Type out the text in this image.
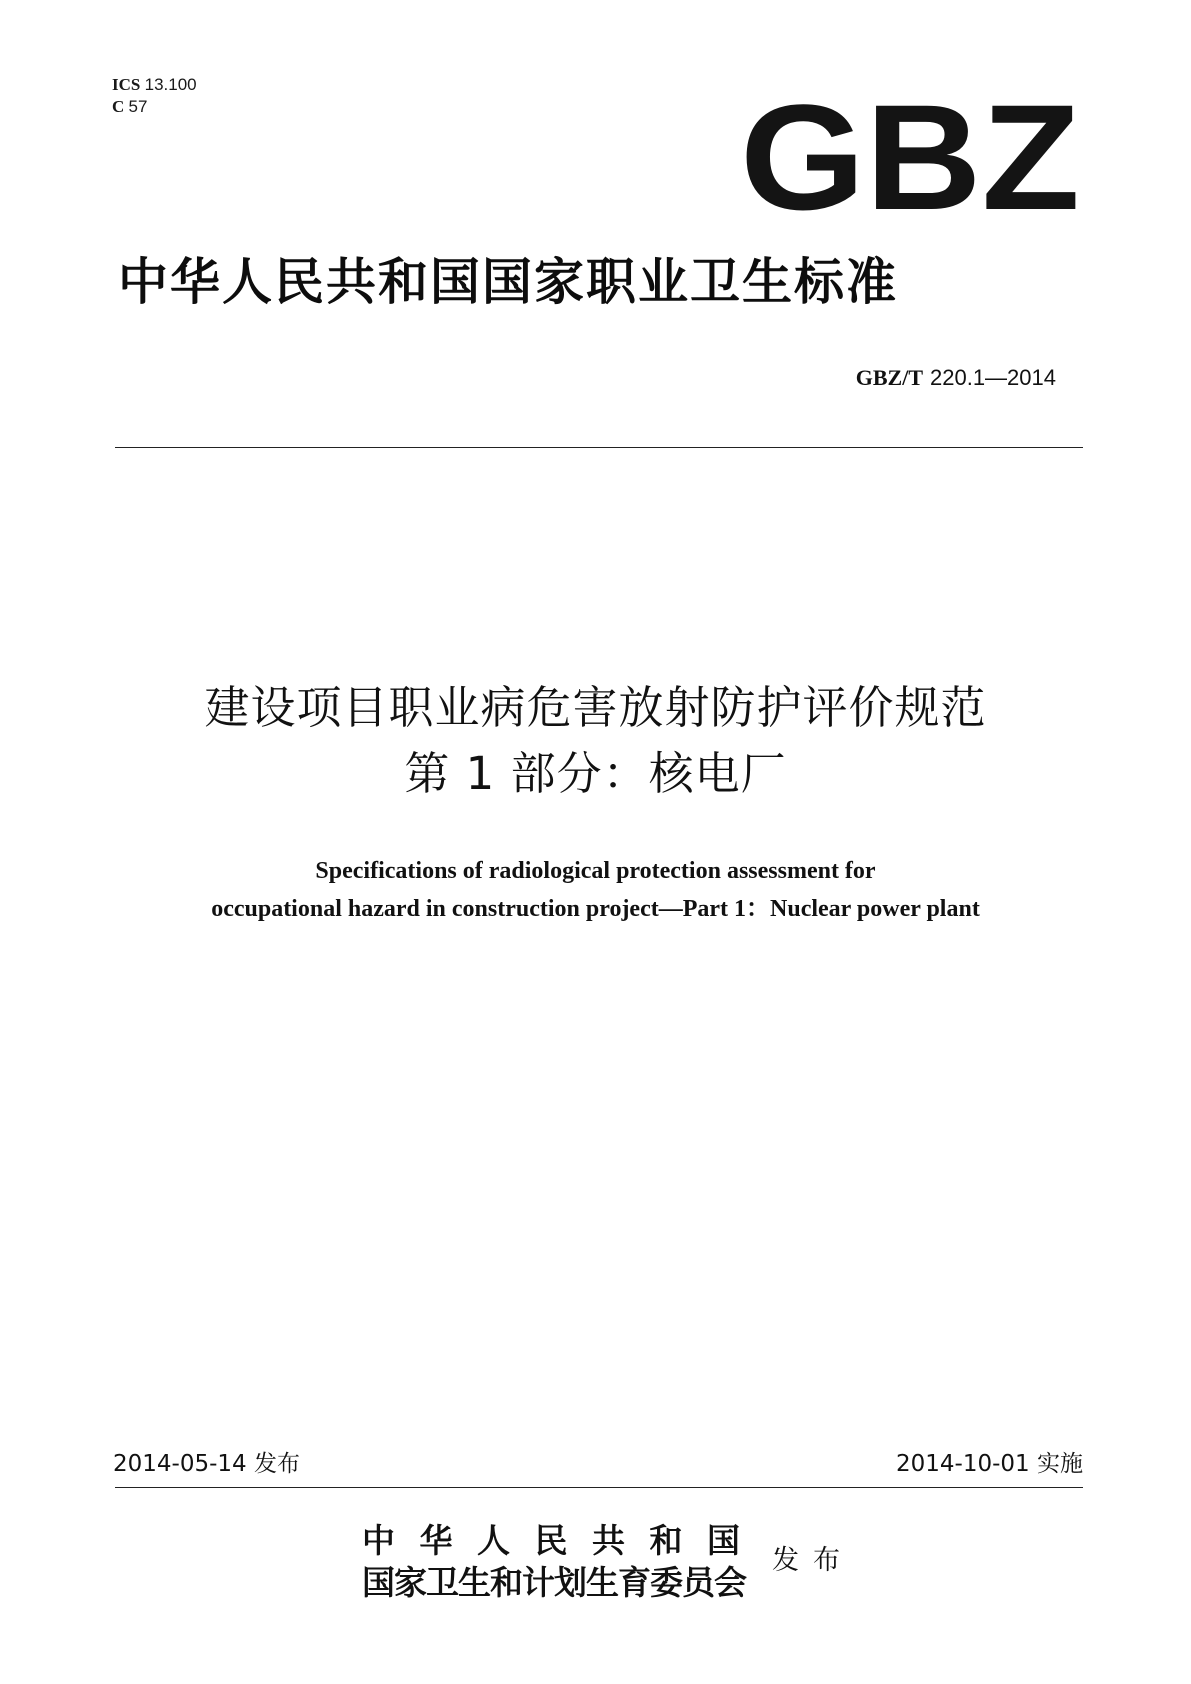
ICS 13.100
C 57	GBZ
中华人民共和国国家职业卫生标准
GBZ/T 220.1—2014
建设项目职业病危害放射防护评价规范
第 1 部分：核电厂
Specifications of radiological protection assessment for
occupational hazard in construction project—Part 1：Nuclear power plant
2014-05-14 发布	2014-10-01 实施
中华人民共和国
国家卫生和计划生育委员会
发布
